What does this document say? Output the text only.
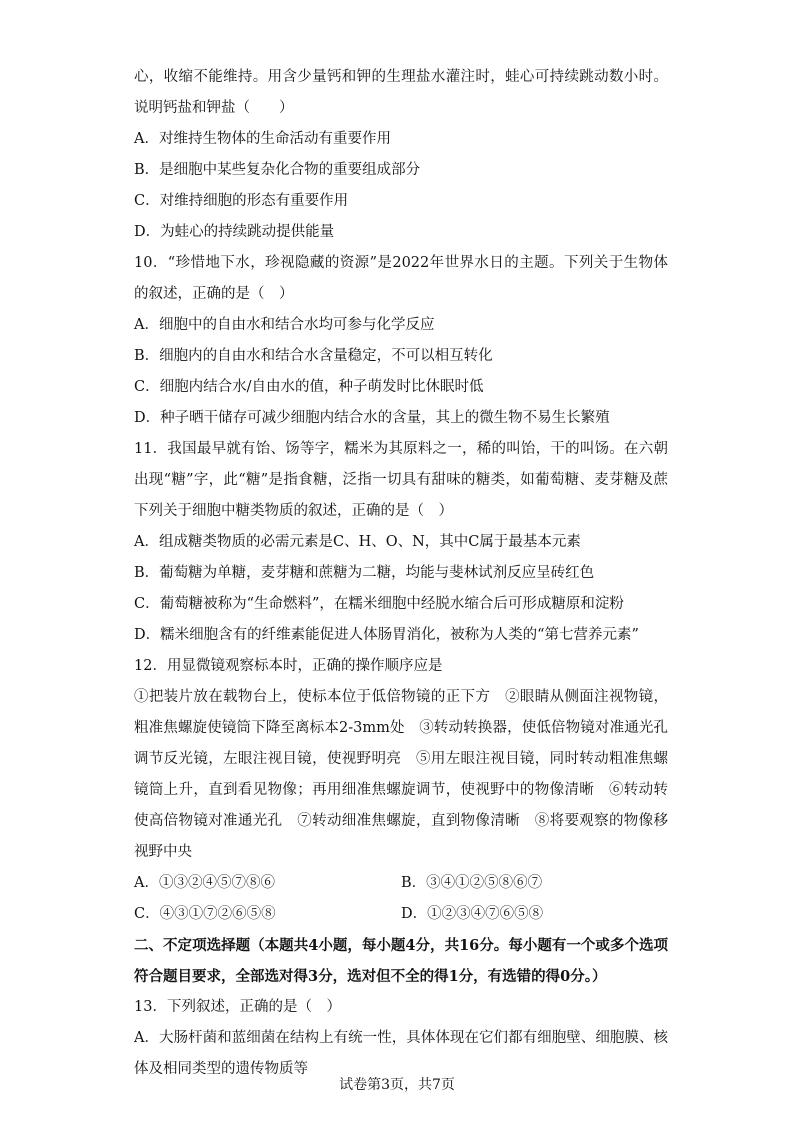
心，收缩不能维持。用含少量钙和钾的生理盐水灌注时，蛙心可持续跳动数小时。
说明钙盐和钾盐（　　）
A．对维持生物体的生命活动有重要作用
B．是细胞中某些复杂化合物的重要组成部分
C．对维持细胞的形态有重要作用
D．为蛙心的持续跳动提供能量
10．“珍惜地下水，珍视隐藏的资源”是2022年世界水日的主题。下列关于生物体
的叙述，正确的是（　）
A．细胞中的自由水和结合水均可参与化学反应
B．细胞内的自由水和结合水含量稳定，不可以相互转化
C．细胞内结合水/自由水的值，种子萌发时比休眠时低
D．种子晒干储存可减少细胞内结合水的含量，其上的微生物不易生长繁殖
11．我国最早就有饴、饧等字，糯米为其原料之一，稀的叫饴，干的叫饧。在六朝
出现“糖”字，此“糖”是指食糖，泛指一切具有甜味的糖类，如葡萄糖、麦芽糖及蔗
下列关于细胞中糖类物质的叙述，正确的是（　）
A．组成糖类物质的必需元素是C、H、O、N，其中C属于最基本元素
B．葡萄糖为单糖，麦芽糖和蔗糖为二糖，均能与斐林试剂反应呈砖红色
C．葡萄糖被称为“生命燃料”，在糯米细胞中经脱水缩合后可形成糖原和淀粉
D．糯米细胞含有的纤维素能促进人体肠胃消化，被称为人类的“第七营养元素”
12．用显微镜观察标本时，正确的操作顺序应是
①把装片放在载物台上，使标本位于低倍物镜的正下方　②眼睛从侧面注视物镜，
粗准焦螺旋使镜筒下降至离标本2-3mm处　③转动转换器，使低倍物镜对准通光孔　
调节反光镜，左眼注视目镜，使视野明亮　⑤用左眼注视目镜，同时转动粗准焦螺
镜筒上升，直到看见物像；再用细准焦螺旋调节，使视野中的物像清晰　⑥转动转
使高倍物镜对准通光孔　⑦转动细准焦螺旋，直到物像清晰　⑧将要观察的物像移
视野中央
A．①③②④⑤⑦⑧⑥	B．③④①②⑤⑧⑥⑦
C．④③①⑦②⑥⑤⑧	D．①②③④⑦⑥⑤⑧
二、不定项选择题（本题共4小题，每小题4分，共16分。每小题有一个或多个选项
符合题目要求，全部选对得3分，选对但不全的得1分，有选错的得0分。）
13．下列叙述，正确的是（　）
A．大肠杆菌和蓝细菌在结构上有统一性，具体体现在它们都有细胞壁、细胞膜、核
体及相同类型的遗传物质等
试卷第3页，共7页
